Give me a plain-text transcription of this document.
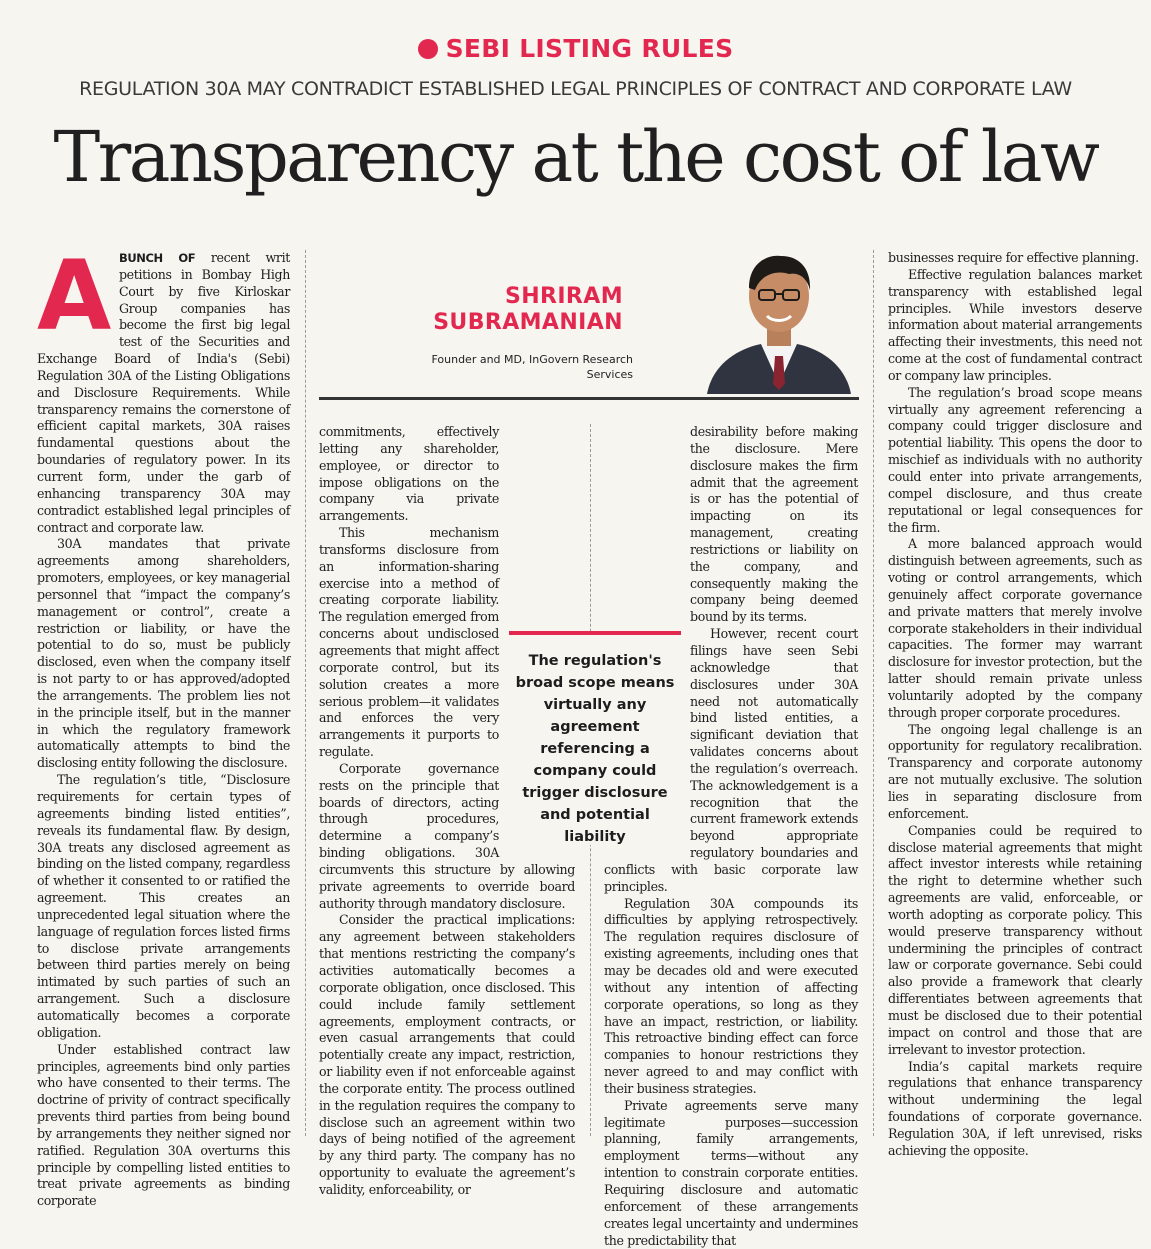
SEBI LISTING RULES
REGULATION 30A MAY CONTRADICT ESTABLISHED LEGAL PRINCIPLES OF CONTRACT AND CORPORATE LAW
Transparency at the cost of law

ABUNCH OF recent writ petitions in Bombay High Court by five Kirloskar Group companies has become the first big legal test of the Securities and Exchange Board of India's (Sebi) Regulation 30A of the Listing Obligations and Disclosure Requirements. While transparency remains the cornerstone of efficient capital markets, 30A raises fundamental questions about the boundaries of regulatory power. In its current form, under the garb of enhancing transparency 30A may contradict established legal principles of contract and corporate law.

30A mandates that private agreements among shareholders, promoters, employees, or key managerial personnel that “impact the company’s management or control”, create a restriction or liability, or have the potential to do so, must be publicly disclosed, even when the company itself is not party to or has approved/adopted the arrangements. The problem lies not in the principle itself, but in the manner in which the regulatory framework automatically attempts to bind the disclosing entity following the disclosure.

The regulation’s title, “Disclosure requirements for certain types of agreements binding listed entities”, reveals its fundamental flaw. By design, 30A treats any disclosed agreement as binding on the listed company, regardless of whether it consented to or ratified the agreement. This creates an unprecedented legal situation where the language of regulation forces listed firms to disclose private arrangements between third parties merely on being intimated by such parties of such an arrangement. Such a disclosure automatically becomes a corporate obligation.

Under established contract law principles, agreements bind only parties who have consented to their terms. The doctrine of privity of contract specifically prevents third parties from being bound by arrangements they neither signed nor ratified. Regulation 30A overturns this principle by compelling listed entities to treat private agreements as binding corporate

SHRIRAM
SUBRAMANIAN
Founder and MD, InGovern Research Services

commitments, effectively letting any shareholder, employee, or director to impose obligations on the company via private arrangements.

This mechanism transforms disclosure from an information-sharing exercise into a method of creating corporate liability. The regulation emerged from concerns about undisclosed agreements that might affect corporate control, but its solution creates a more serious problem—it validates and enforces the very arrangements it purports to regulate.

Corporate governance rests on the principle that boards of directors, acting through procedures, determine a company’s binding obligations. 30A circumvents this structure by allowing private agreements to override board authority through mandatory disclosure.

Consider the practical implications: any agreement between stakeholders that mentions restricting the company’s activities automatically becomes a corporate obligation, once disclosed. This could include family settlement agreements, employment contracts, or even casual arrangements that could potentially create any impact, restriction, or liability even if not enforceable against the corporate entity. The process outlined in the regulation requires the company to disclose such an agreement within two days of being notified of the agreement by any third party. The company has no opportunity to evaluate the agreement’s validity, enforceability, or

desirability before making the disclosure. Mere disclosure makes the firm admit that the agreement is or has the potential of impacting on its management, creating restrictions or liability on the company, and consequently making the company being deemed bound by its terms.

However, recent court filings have seen Sebi acknowledge that disclosures under 30A need not automatically bind listed entities, a significant deviation that validates concerns about the regulation’s overreach. The acknowledgement is a recognition that the current framework extends beyond appropriate regulatory boundaries and conflicts with basic corporate law principles.

Regulation 30A compounds its difficulties by applying retrospectively. The regulation requires disclosure of existing agreements, including ones that may be decades old and were executed without any intention of affecting corporate operations, so long as they have an impact, restriction, or liability. This retroactive binding effect can force companies to honour restrictions they never agreed to and may conflict with their business strategies.

Private agreements serve many legitimate purposes—succession planning, family arrangements, employment terms—without any intention to constrain corporate entities. Requiring disclosure and automatic enforcement of these arrangements creates legal uncertainty and undermines the predictability that

businesses require for effective planning.

Effective regulation balances market transparency with established legal principles. While investors deserve information about material arrangements affecting their investments, this need not come at the cost of fundamental contract or company law principles.

The regulation’s broad scope means virtually any agreement referencing a company could trigger disclosure and potential liability. This opens the door to mischief as individuals with no authority could enter into private arrangements, compel disclosure, and thus create reputational or legal consequences for the firm.

A more balanced approach would distinguish between agreements, such as voting or control arrangements, which genuinely affect corporate governance and private matters that merely involve corporate stakeholders in their individual capacities. The former may warrant disclosure for investor protection, but the latter should remain private unless voluntarily adopted by the company through proper corporate procedures.

The ongoing legal challenge is an opportunity for regulatory recalibration. Transparency and corporate autonomy are not mutually exclusive. The solution lies in separating disclosure from enforcement.

Companies could be required to disclose material agreements that might affect investor interests while retaining the right to determine whether such agreements are valid, enforceable, or worth adopting as corporate policy. This would preserve transparency without undermining the principles of contract law or corporate governance. Sebi could also provide a framework that clearly differentiates between agreements that must be disclosed due to their potential impact on control and those that are irrelevant to investor protection.

India’s capital markets require regulations that enhance transparency without undermining the legal foundations of corporate governance. Regulation 30A, if left unrevised, risks achieving the opposite.

The regulation's broad scope means virtually any agreement referencing a company could trigger disclosure and potential liability
